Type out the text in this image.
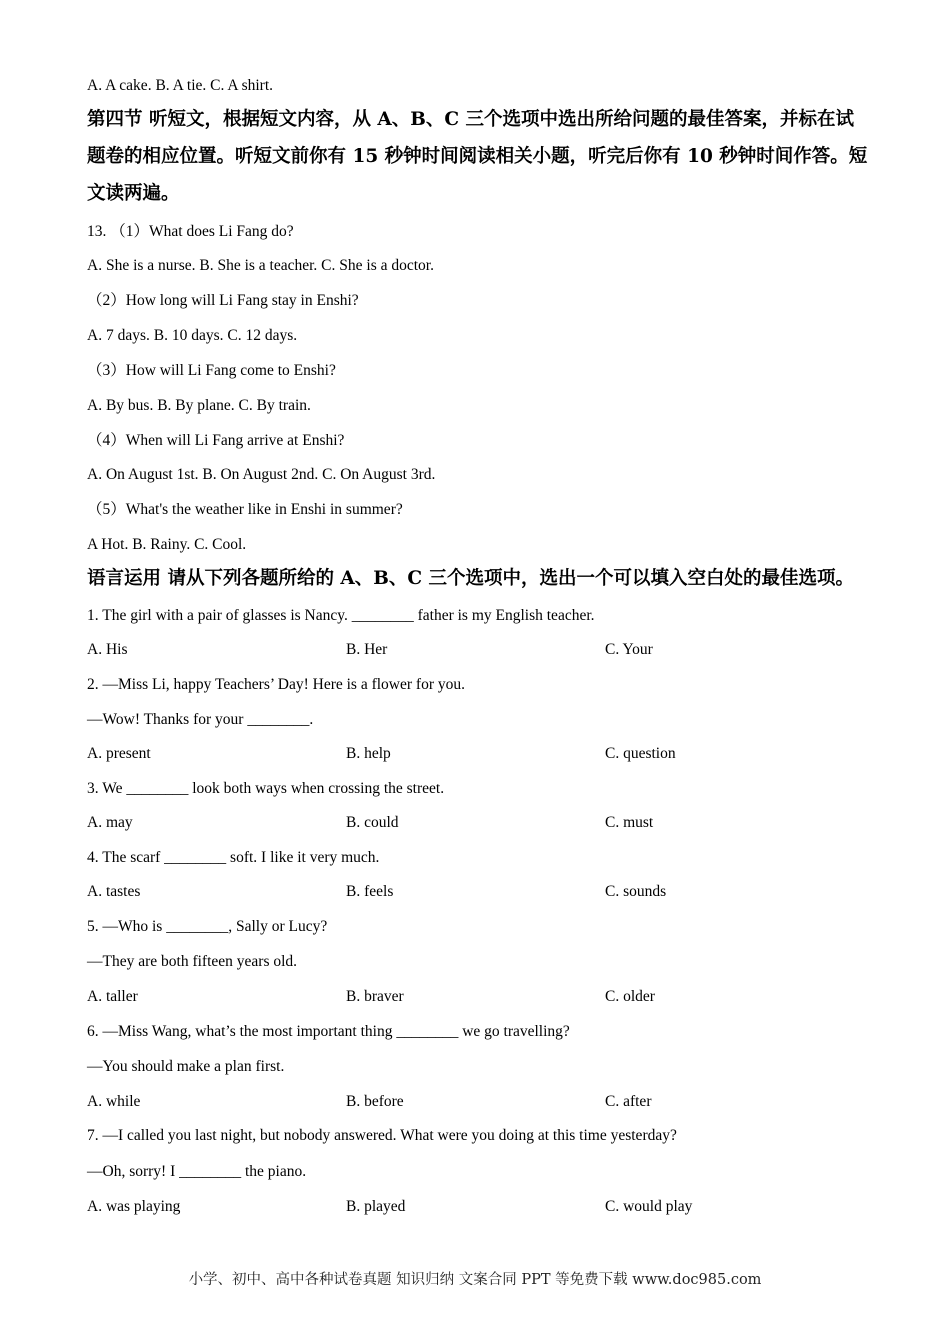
A. A cake. B. A tie. C. A shirt.
第四节 听短文，根据短文内容，从 A、B、C 三个选项中选出所给问题的最佳答案，并标在试
题卷的相应位置。听短文前你有 15 秒钟时间阅读相关小题，听完后你有 10 秒钟时间作答。短
文读两遍。
13. （1）What does Li Fang do?
A. She is a nurse. B. She is a teacher. C. She is a doctor.
（2）How long will Li Fang stay in Enshi?
A. 7 days. B. 10 days. C. 12 days.
（3）How will Li Fang come to Enshi?
A. By bus. B. By plane. C. By train.
（4）When will Li Fang arrive at Enshi?
A. On August 1st. B. On August 2nd. C. On August 3rd.
（5）What's the weather like in Enshi in summer?
A Hot. B. Rainy. C. Cool.
语言运用 请从下列各题所给的 A、B、C 三个选项中，选出一个可以填入空白处的最佳选项。
1. The girl with a pair of glasses is Nancy. ________ father is my English teacher.
A. His	B. Her	C. Your
2. —Miss Li, happy Teachers’ Day! Here is a flower for you.
—Wow! Thanks for your ________.
A. present	B. help	C. question
3. We ________ look both ways when crossing the street.
A. may	B. could	C. must
4. The scarf ________ soft. I like it very much.
A. tastes	B. feels	C. sounds
5. —Who is ________, Sally or Lucy?
—They are both fifteen years old.
A. taller	B. braver	C. older
6. —Miss Wang, what’s the most important thing ________ we go travelling?
—You should make a plan first.
A. while	B. before	C. after
7. —I called you last night, but nobody answered. What were you doing at this time yesterday?
—Oh, sorry! I ________ the piano.
A. was playing	B. played	C. would play
小学、初中、高中各种试卷真题 知识归纳 文案合同 PPT 等免费下载 www.doc985.com
